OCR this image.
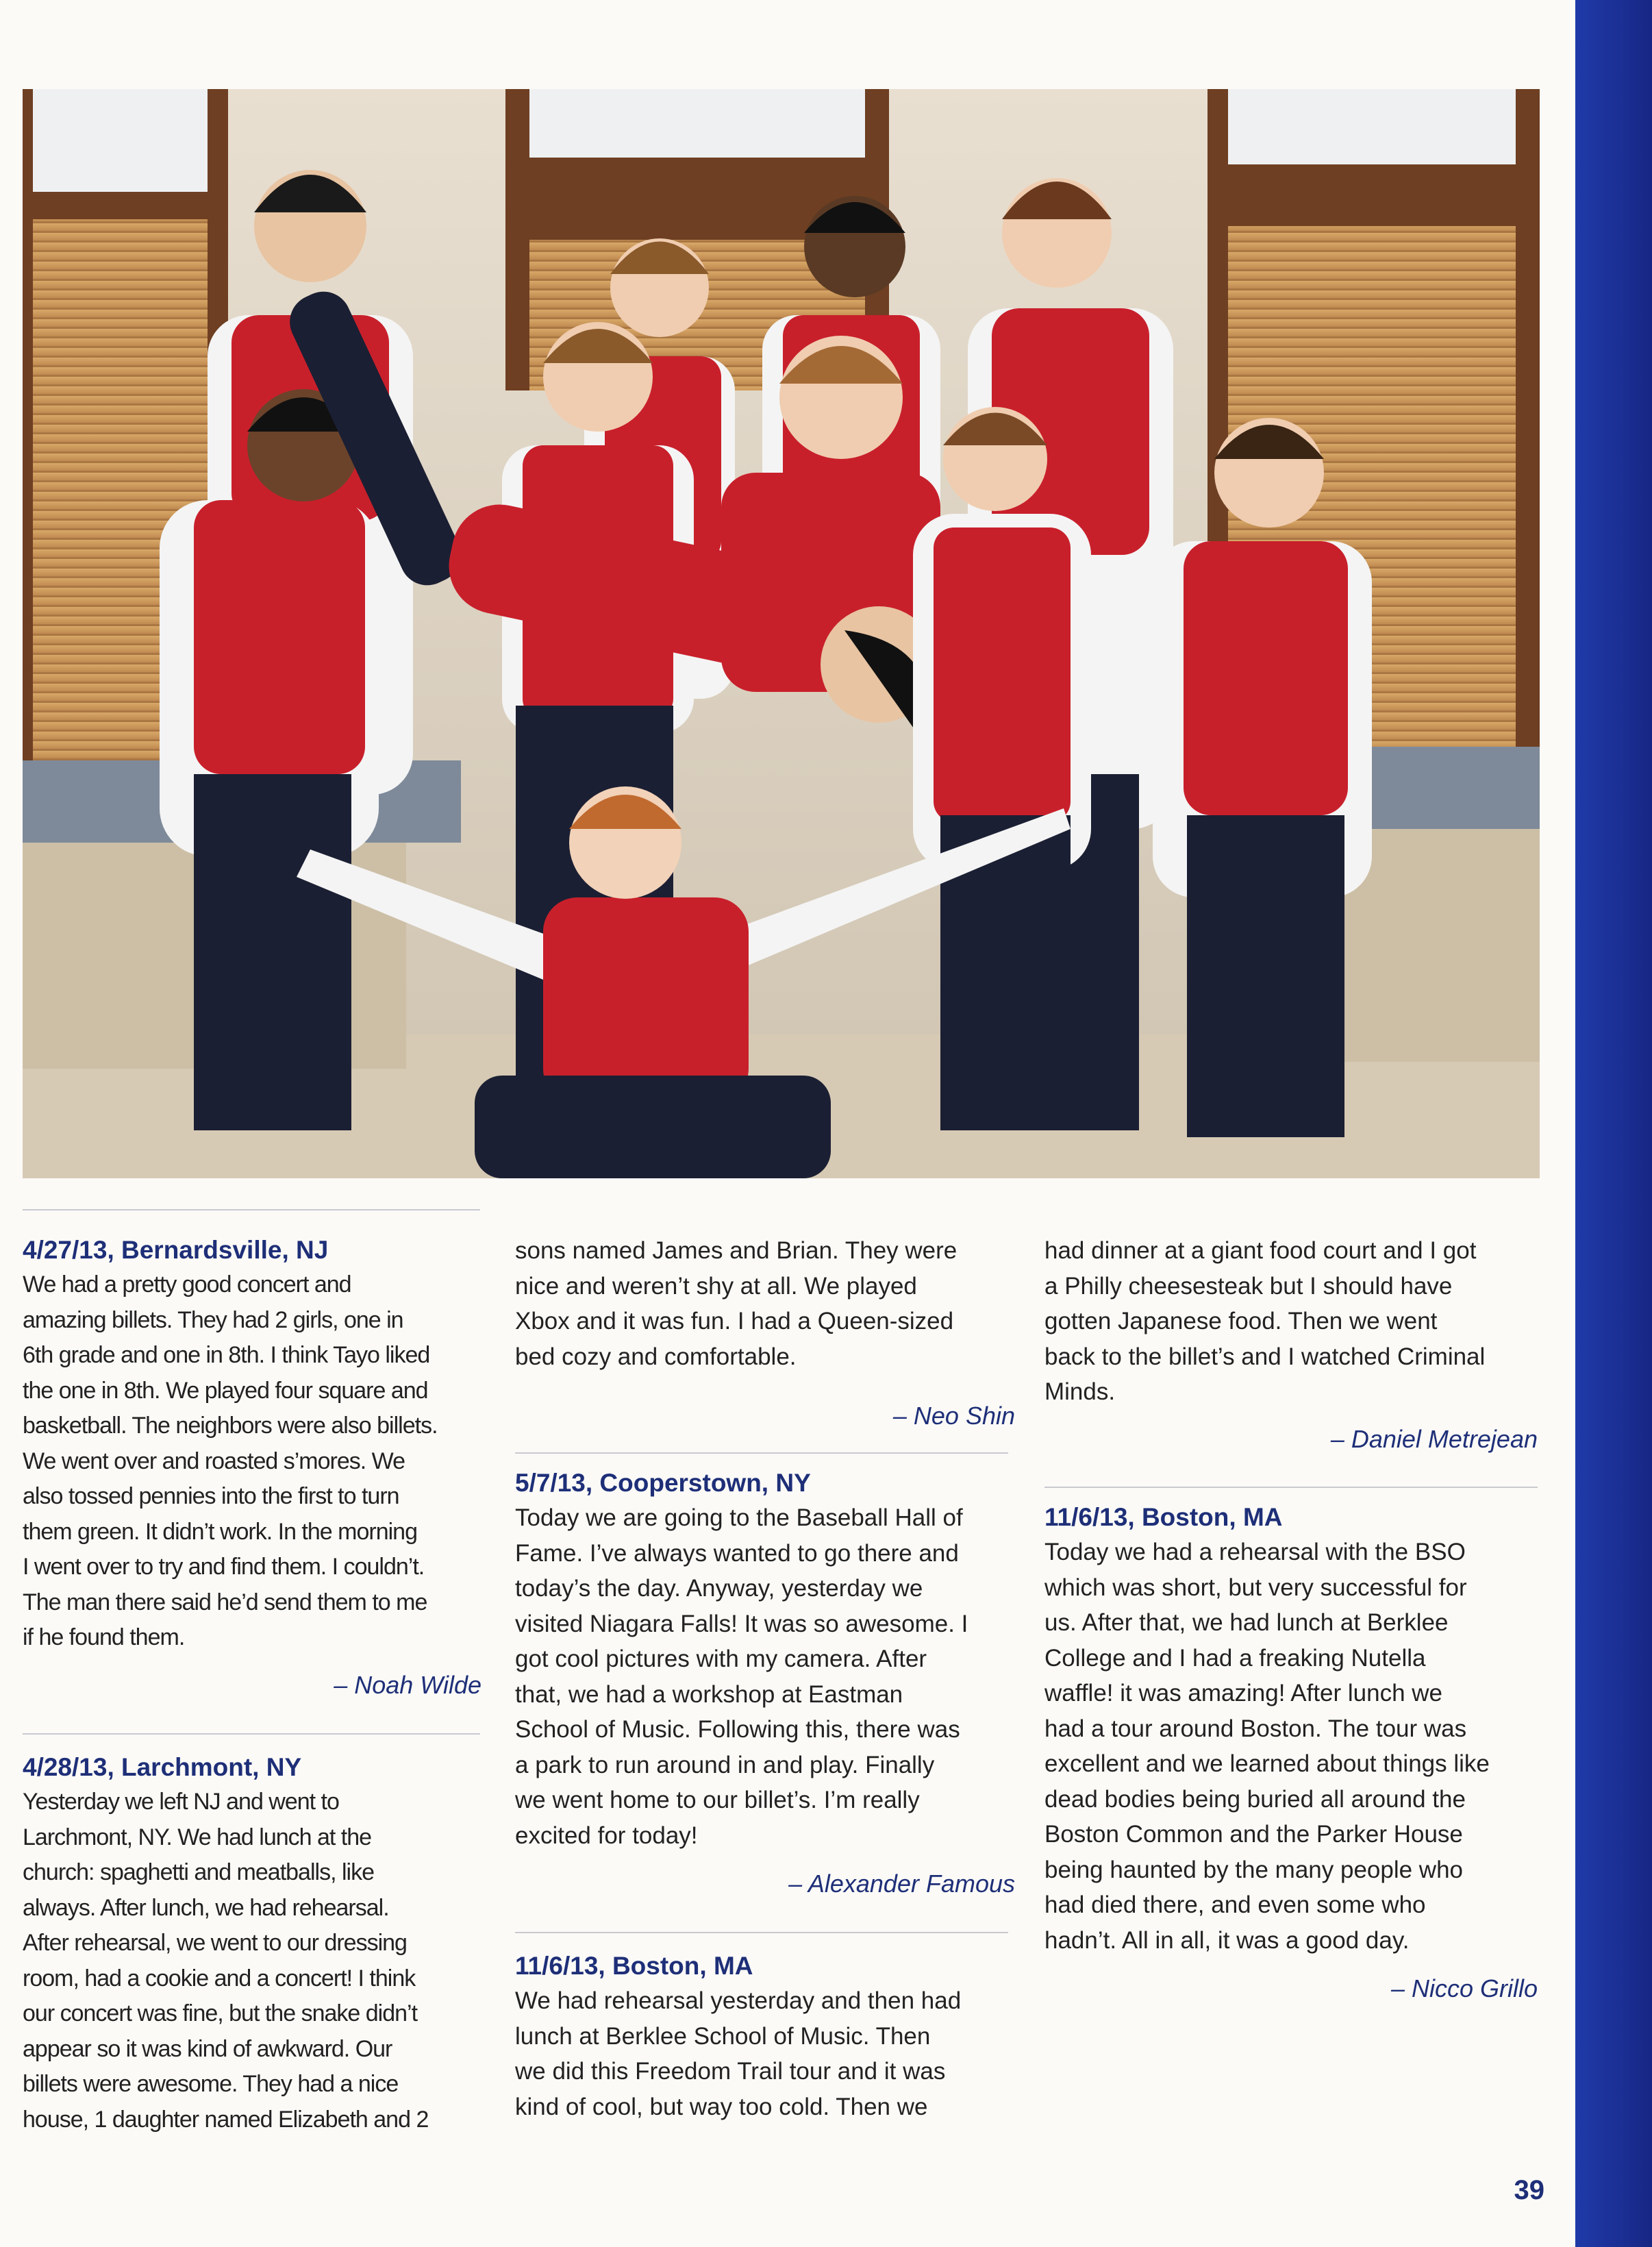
4/27/13, Bernardsville, NJ

We had a pretty good concert and
amazing billets. They had 2 girls, one in
6th grade and one in 8th. I think Tayo liked
the one in 8th. We played four square and
basketball. The neighbors were also billets.
We went over and roasted s’mores. We
also tossed pennies into the first to turn
them green. It didn’t work. In the morning
I went over to try and find them. I couldn’t.
The man there said he’d send them to me
if he found them.

– Noah Wilde

4/28/13, Larchmont, NY

Yesterday we left NJ and went to
Larchmont, NY. We had lunch at the
church: spaghetti and meatballs, like
always. After lunch, we had rehearsal.
After rehearsal, we went to our dressing
room, had a cookie and a concert! I think
our concert was fine, but the snake didn’t
appear so it was kind of awkward. Our
billets were awesome. They had a nice
house, 1 daughter named Elizabeth and 2

sons named James and Brian. They were
nice and weren’t shy at all. We played
Xbox and it was fun. I had a Queen-sized
bed cozy and comfortable.

– Neo Shin

5/7/13, Cooperstown, NY

Today we are going to the Baseball Hall of
Fame. I’ve always wanted to go there and
today’s the day. Anyway, yesterday we
visited Niagara Falls! It was so awesome. I
got cool pictures with my camera. After
that, we had a workshop at Eastman
School of Music. Following this, there was
a park to run around in and play. Finally
we went home to our billet’s. I’m really
excited for today!

– Alexander Famous

11/6/13, Boston, MA

We had rehearsal yesterday and then had
lunch at Berklee School of Music. Then
we did this Freedom Trail tour and it was
kind of cool, but way too cold. Then we

had dinner at a giant food court and I got
a Philly cheesesteak but I should have
gotten Japanese food. Then we went
back to the billet’s and I watched Criminal
Minds.

– Daniel Metrejean

11/6/13, Boston, MA

Today we had a rehearsal with the BSO
which was short, but very successful for
us. After that, we had lunch at Berklee
College and I had a freaking Nutella
waffle! it was amazing! After lunch we
had a tour around Boston. The tour was
excellent and we learned about things like
dead bodies being buried all around the
Boston Common and the Parker House
being haunted by the many people who
had died there, and even some who
hadn’t. All in all, it was a good day.

– Nicco Grillo

39
